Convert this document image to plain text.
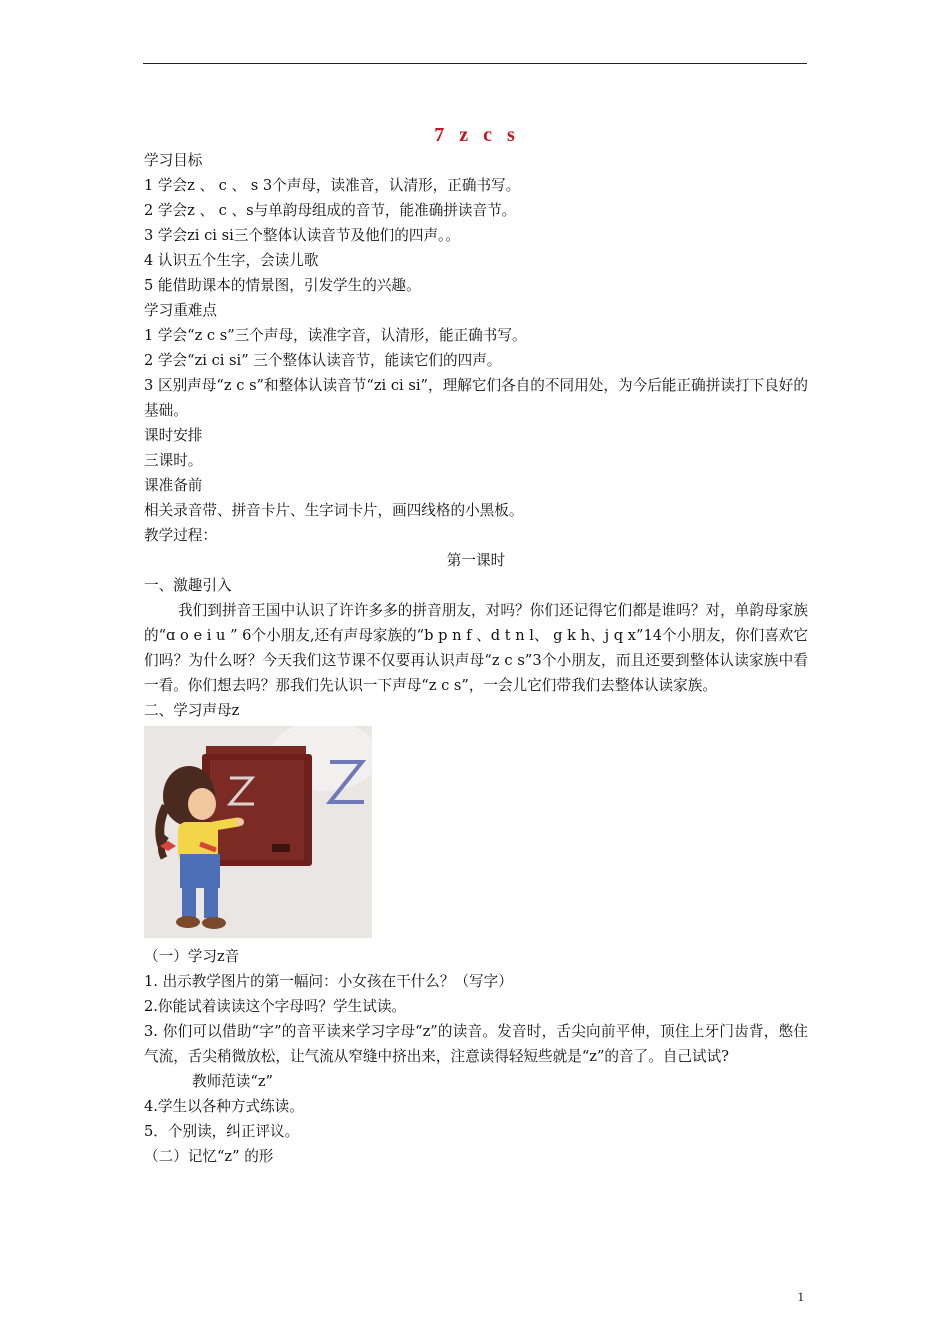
7 z c s

学习目标

1 学会z 、 c 、 s 3个声母，读准音，认清形，正确书写。

2 学会z 、 c 、s与单韵母组成的音节，能准确拼读音节。

3 学会zi ci si三个整体认读音节及他们的四声。。

4 认识五个生字，会读儿歌

5 能借助课本的情景图，引发学生的兴趣。

学习重难点

1 学会“z c s”三个声母，读准字音，认清形，能正确书写。

2 学会“zi ci si” 三个整体认读音节，能读它们的四声。

3 区别声母“z c s”和整体认读音节“zi ci si”，理解它们各自的不同用处，为今后能正确拼读打下良好的基础。

课时安排

三课时。

课准备前

相关录音带、拼音卡片、生字词卡片，画四线格的小黑板。

教学过程：

第一课时

一、激趣引入

我们到拼音王国中认识了许许多多的拼音朋友，对吗？你们还记得它们都是谁吗？对，单韵母家族的“ɑ o e i u ” 6个小朋友,还有声母家族的“b p n f 、d t n l、 g k h、j q x”14个小朋友，你们喜欢它们吗？为什么呀？今天我们这节课不仅要再认识声母“z c s”3个小朋友，而且还要到整体认读家族中看一看。你们想去吗？那我们先认识一下声母“z c s”，一会儿它们带我们去整体认读家族。

二、学习声母z

（一）学习z音

1. 出示教学图片的第一幅问：小女孩在干什么？（写字）

2.你能试着读读这个字母吗？学生试读。

3. 你们可以借助“字”的音平读来学习字母“z”的读音。发音时，舌尖向前平伸，顶住上牙门齿背，憋住气流，舌尖稍微放松，让气流从窄缝中挤出来，注意读得轻短些就是“z”的音了。自己试试?

教师范读“z”

4.学生以各种方式练读。

5．个别读，纠正评议。

（二）记忆“z” 的形

1
